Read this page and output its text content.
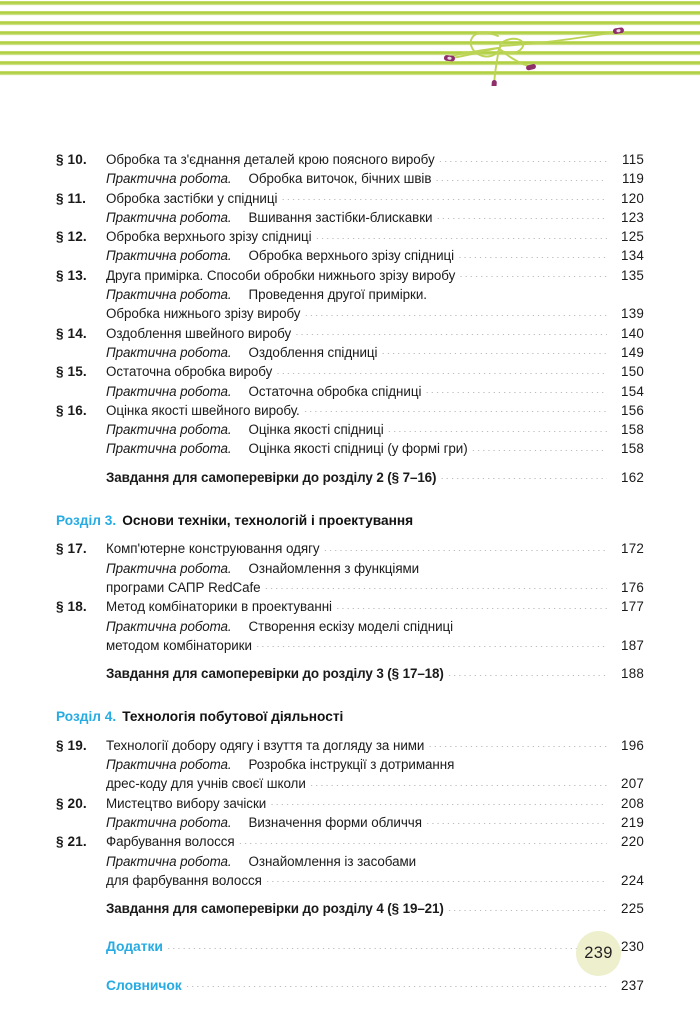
§ 10.	Обробка та з'єднання деталей крою поясного виробу .....	115
Практична робота.	Обробка виточок, бічних швів .....	119
§ 11.	Обробка застібки у спідниці .....	120
Практична робота.	Вшивання застібки-блискавки .....	123
§ 12.	Обробка верхнього зрізу спідниці .....	125
Практична робота.	Обробка верхнього зрізу спідниці .....	134
§ 13.	Друга примірка. Способи обробки нижнього зрізу виробу .....	135
Практична робота.	Проведення другої примірки.
Обробка нижнього зрізу виробу .....	139
§ 14.	Оздоблення швейного виробу .....	140
Практична робота.	Оздоблення спідниці .....	149
§ 15.	Остаточна обробка виробу .....	150
Практична робота.	Остаточна обробка спідниці .....	154
§ 16.	Оцінка якості швейного виробу. .....	156
Практична робота.	Оцінка якості спідниці .....	158
Практична робота.	Оцінка якості спідниці (у формі гри) .....	158
Завдання для самоперевірки до розділу 2 (§ 7–16) .....	162
Розділ 3. Основи техніки, технологій і проектування
§ 17.	Комп'ютерне конструювання одягу .....	172
Практична робота.	Ознайомлення з функціями
програми САПР RedCafe .....	176
§ 18.	Метод комбінаторики в проектуванні .....	177
Практична робота.	Створення ескізу моделі спідниці
методом комбінаторики .....	187
Завдання для самоперевірки до розділу 3 (§ 17–18) .....	188
Розділ 4. Технологія побутової діяльності
§ 19.	Технології добору одягу і взуття та догляду за ними .....	196
Практична робота.	Розробка інструкції з дотримання
дрес-коду для учнів своєї школи .....	207
§ 20.	Мистецтво вибору зачіски .....	208
Практична робота.	Визначення форми обличчя .....	219
§ 21.	Фарбування волосся .....	220
Практична робота.	Ознайомлення із засобами
для фарбування волосся .....	224
Завдання для самоперевірки до розділу 4 (§ 19–21) .....	225
Додатки .....	230
Словничок .....	237
239
